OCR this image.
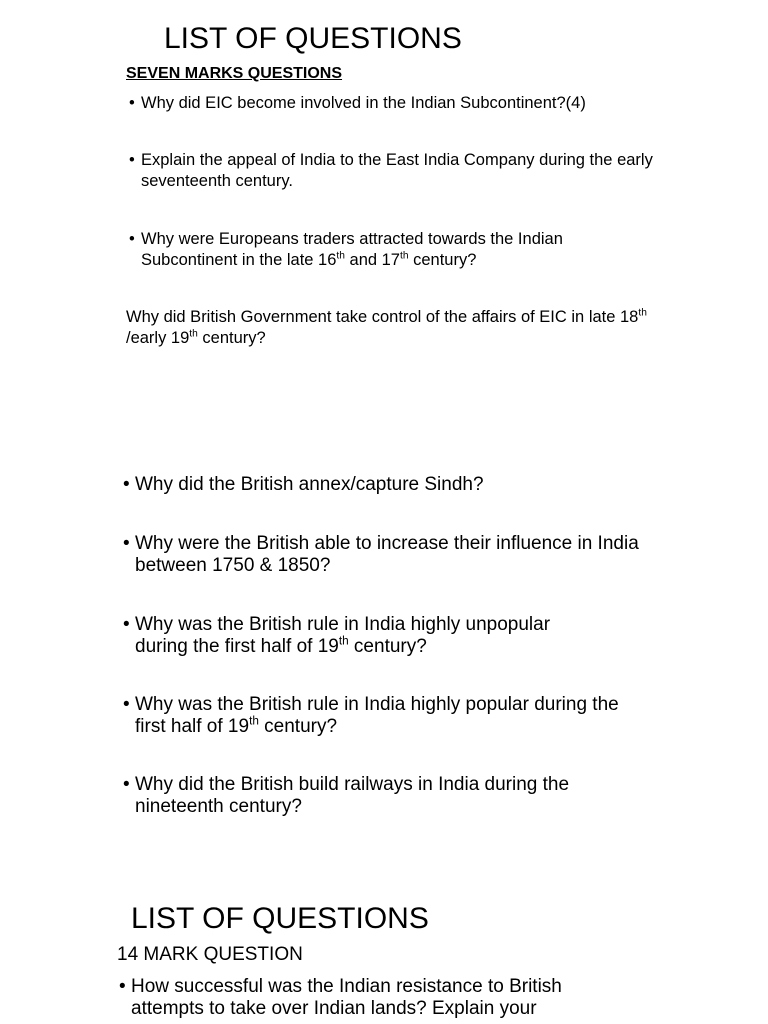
LIST OF QUESTIONS
SEVEN MARKS QUESTIONS
• Why did EIC become involved in the Indian Subcontinent?(4)
• Explain the appeal of India to the East India Company during the early seventeenth century.
• Why were Europeans traders attracted towards the Indian Subcontinent in the late 16th and 17th century?
Why did British Government take control of the affairs of EIC in late 18th /early 19th century?
• Why did the British annex/capture Sindh?
• Why were the British able to increase their influence in India between 1750 & 1850?
• Why was the British rule in India highly unpopular during the first half of 19th century?
• Why was the British rule in India highly popular during the first half of 19th century?
• Why did the British build railways in India during the nineteenth century?
LIST OF QUESTIONS
14 MARK QUESTION
• How successful was the Indian resistance to British attempts to take over Indian lands? Explain your
